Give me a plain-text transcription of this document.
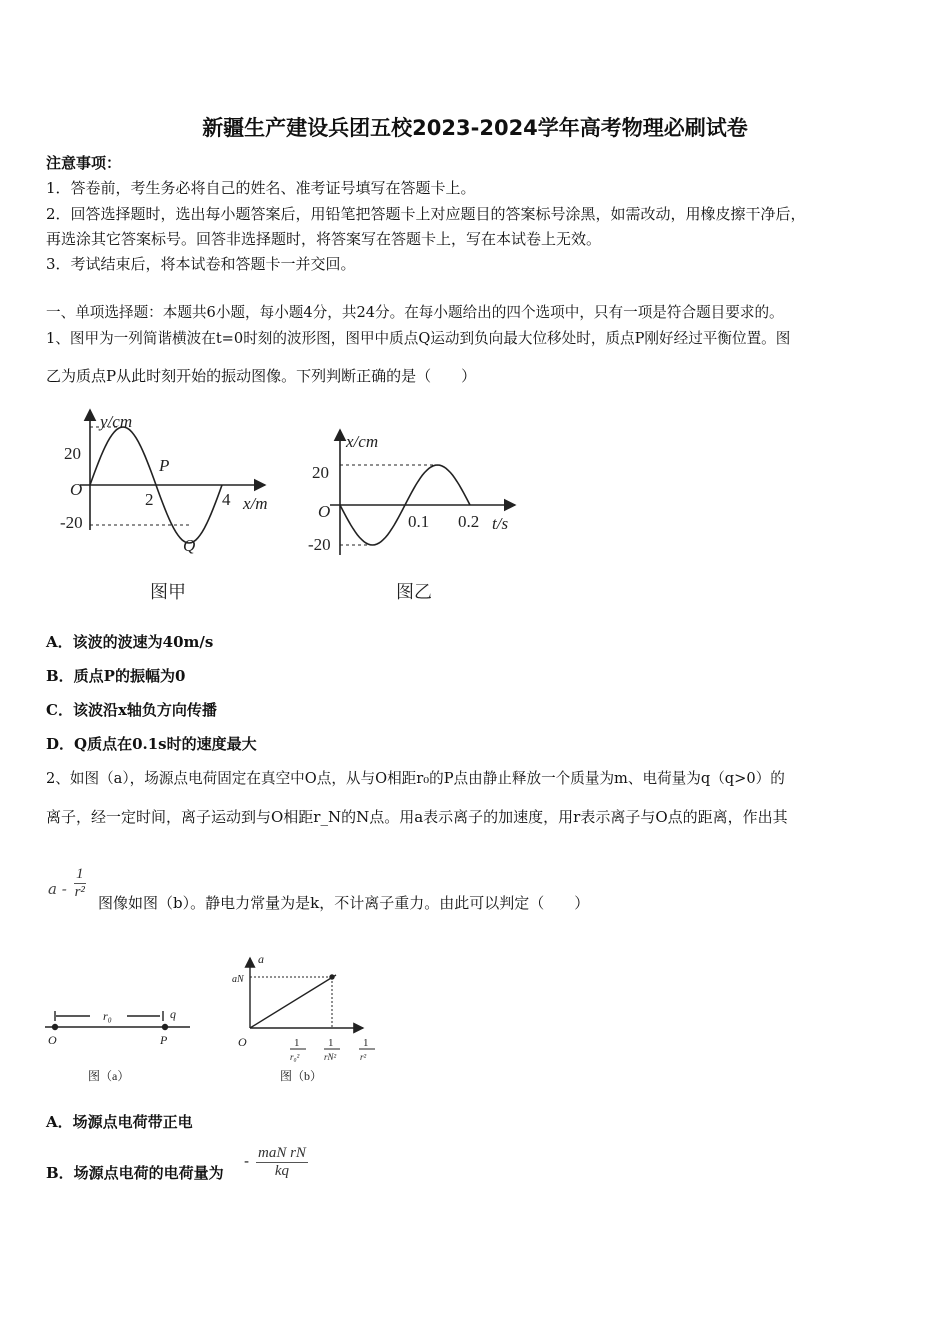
新疆生产建设兵团五校2023-2024学年高考物理必刷试卷
注意事项：
1．答卷前，考生务必将自己的姓名、准考证号填写在答题卡上。
2．回答选择题时，选出每小题答案后，用铅笔把答题卡上对应题目的答案标号涂黑，如需改动，用橡皮擦干净后，
再选涂其它答案标号。回答非选择题时，将答案写在答题卡上，写在本试卷上无效。
3．考试结束后，将本试卷和答题卡一并交回。
一、单项选择题：本题共6小题，每小题4分，共24分。在每小题给出的四个选项中，只有一项是符合题目要求的。
1、图甲为一列简谐横波在t=0时刻的波形图，图甲中质点Q运动到负向最大位移处时，质点P刚好经过平衡位置。图
乙为质点P从此时刻开始的振动图像。下列判断正确的是（　　）
y/cm
20
-20
O
2	4 x/m
P
Q
图甲
x/cm
20
-20
O
0.1 0.2 t/s
图乙
r₀	q
O	P
图（a）
a
aN
O	1
r₀²
1
rN²
1
r²
图（b）
A．该波的波速为40m/s
B．质点P的振幅为0
C．该波沿x轴负方向传播
D．Q质点在0.1s时的速度最大
2、如图（a），场源点电荷固定在真空中O点，从与O相距r₀的P点由静止释放一个质量为m、电荷量为q（q>0）的
离子，经一定时间，离子运动到与O相距r_N的N点。用a表示离子的加速度，用r表示离子与O点的距离，作出其
a - $\frac{1}{\text{r²}}$
图像如图（b）。静电力常量为是k，不计离子重力。由此可以判定（　　）
A．场源点电荷带正电
B．场源点电荷的电荷量为
- maN rN
kq
